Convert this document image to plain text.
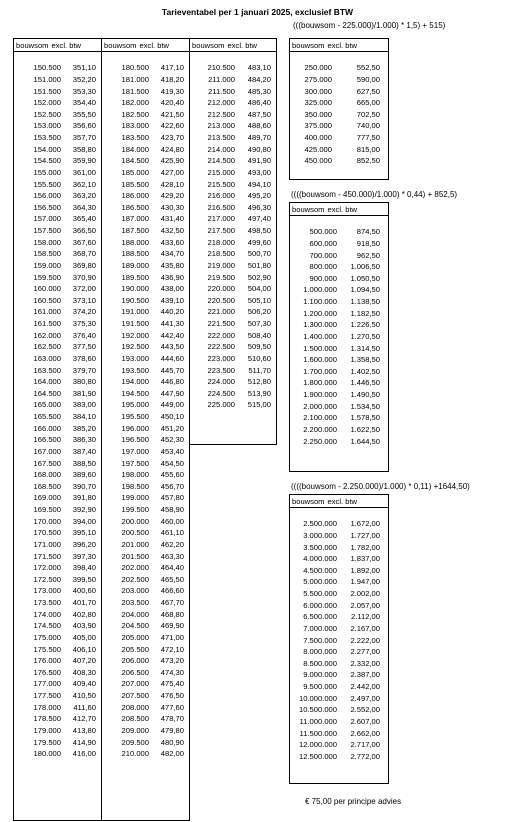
Tarieventabel per 1 januari 2025, exclusief BTW
(((bouwsom - 225.000)/1.000) * 1,5) + 515)
((((bouwsom - 450.000)/1.000) * 0,44) + 852,5)
((((bouwsom - 2.250.000)/1.000) * 0,11) +1644,50)
bouwsom excl. btw
150.500	351,10
151.000	352,20
151.500	353,30
152.000	354,40
152.500	355,50
153.000	356,60
153.500	357,70
154.000	358,80
154.500	359,90
155.000	361,00
155.500	362,10
156.000	363,20
156.500	364,30
157.000	365,40
157.500	366,50
158.000	367,60
158.500	368,70
159.000	369,80
159.500	370,90
160.000	372,00
160.500	373,10
161.000	374,20
161.500	375,30
162.000	376,40
162.500	377,50
163.000	378,60
163.500	379,70
164.000	380,80
164.500	381,90
165.000	383,00
165.500	384,10
166.000	385,20
166.500	386,30
167.000	387,40
167.500	388,50
168.000	389,60
168.500	390,70
169.000	391,80
169.500	392,90
170.000	394,00
170.500	395,10
171.000	396,20
171.500	397,30
172.000	398,40
172.500	399,50
173.000	400,60
173.500	401,70
174.000	402,80
174.500	403,90
175.000	405,00
175.500	406,10
176.000	407,20
176.500	408,30
177.000	409,40
177.500	410,50
178.000	411,60
178.500	412,70
179.000	413,80
179.500	414,90
180.000	416,00
bouwsom excl. btw
180.500	417,10
181.000	418,20
181.500	419,30
182.000	420,40
182.500	421,50
183.000	422,60
183.500	423,70
184.000	424,80
184.500	425,90
185.000	427,00
185.500	428,10
186.000	429,20
186.500	430,30
187.000	431,40
187.500	432,50
188.000	433,60
188.500	434,70
189.000	435,80
189.500	436,90
190.000	438,00
190.500	439,10
191.000	440,20
191.500	441,30
192.000	442,40
192.500	443,50
193.000	444,60
193.500	445,70
194.000	446,80
194.500	447,90
195.000	449,00
195.500	450,10
196.000	451,20
196.500	452,30
197.000	453,40
197.500	454,50
198.000	455,60
198.500	456,70
199.000	457,80
199.500	458,90
200.000	460,00
200.500	461,10
201.000	462,20
201.500	463,30
202.000	464,40
202.500	465,50
203.000	466,60
203.500	467,70
204.000	468,80
204.500	469,90
205.000	471,00
205.500	472,10
206.000	473,20
206.500	474,30
207.000	475,40
207.500	476,50
208.000	477,60
208.500	478,70
209.000	479,80
209.500	480,90
210.000	482,00
bouwsom excl. btw
210.500	483,10
211.000	484,20
211.500	485,30
212.000	486,40
212.500	487,50
213.000	488,60
213.500	489,70
214.000	490,80
214.500	491,90
215.000	493,00
215.500	494,10
216.000	495,20
216.500	496,30
217.000	497,40
217.500	498,50
218.000	499,60
218.500	500,70
219.000	501,80
219.500	502,90
220.000	504,00
220.500	505,10
221.000	506,20
221.500	507,30
222.000	508,40
222.500	509,50
223.000	510,60
223.500	511,70
224.000	512,80
224.500	513,90
225.000	515,00
bouwsom excl. btw
250.000	552,50
275.000	590,00
300.000	627,50
325.000	665,00
350.000	702,50
375.000	740,00
400.000	777,50
425.000	815,00
450.000	852,50
bouwsom excl. btw
500.000	874,50
600.000	918,50
700.000	962,50
800.000	1.006,50
900.000	1.050,50
1.000.000	1.094,50
1.100.000	1.138,50
1.200.000	1.182,50
1.300.000	1.226,50
1.400.000	1.270,50
1.500.000	1.314,50
1.600.000	1.358,50
1.700.000	1.402,50
1.800.000	1.446,50
1.900.000	1.490,50
2.000.000	1.534,50
2.100.000	1.578,50
2.200.000	1.622,50
2.250.000	1.644,50
bouwsom excl. btw
2.500.000	1.672,00
3.000.000	1.727,00
3.500.000	1.782,00
4.000.000	1.837,00
4.500.000	1.892,00
5.000.000	1.947,00
5.500.000	2.002,00
6.000.000	2.057,00
6.500.000	2.112,00
7.000.000	2.167,00
7.500.000	2.222,00
8.000.000	2.277,00
8.500.000	2.332,00
9.000.000	2.387,00
9.500.000	2.442,00
10.000.000	2.497,00
10.500.000	2.552,00
11.000.000	2.607,00
11.500.000	2.662,00
12.000.000	2.717,00
12.500.000	2.772,00
€ 75,00 per principe advies
